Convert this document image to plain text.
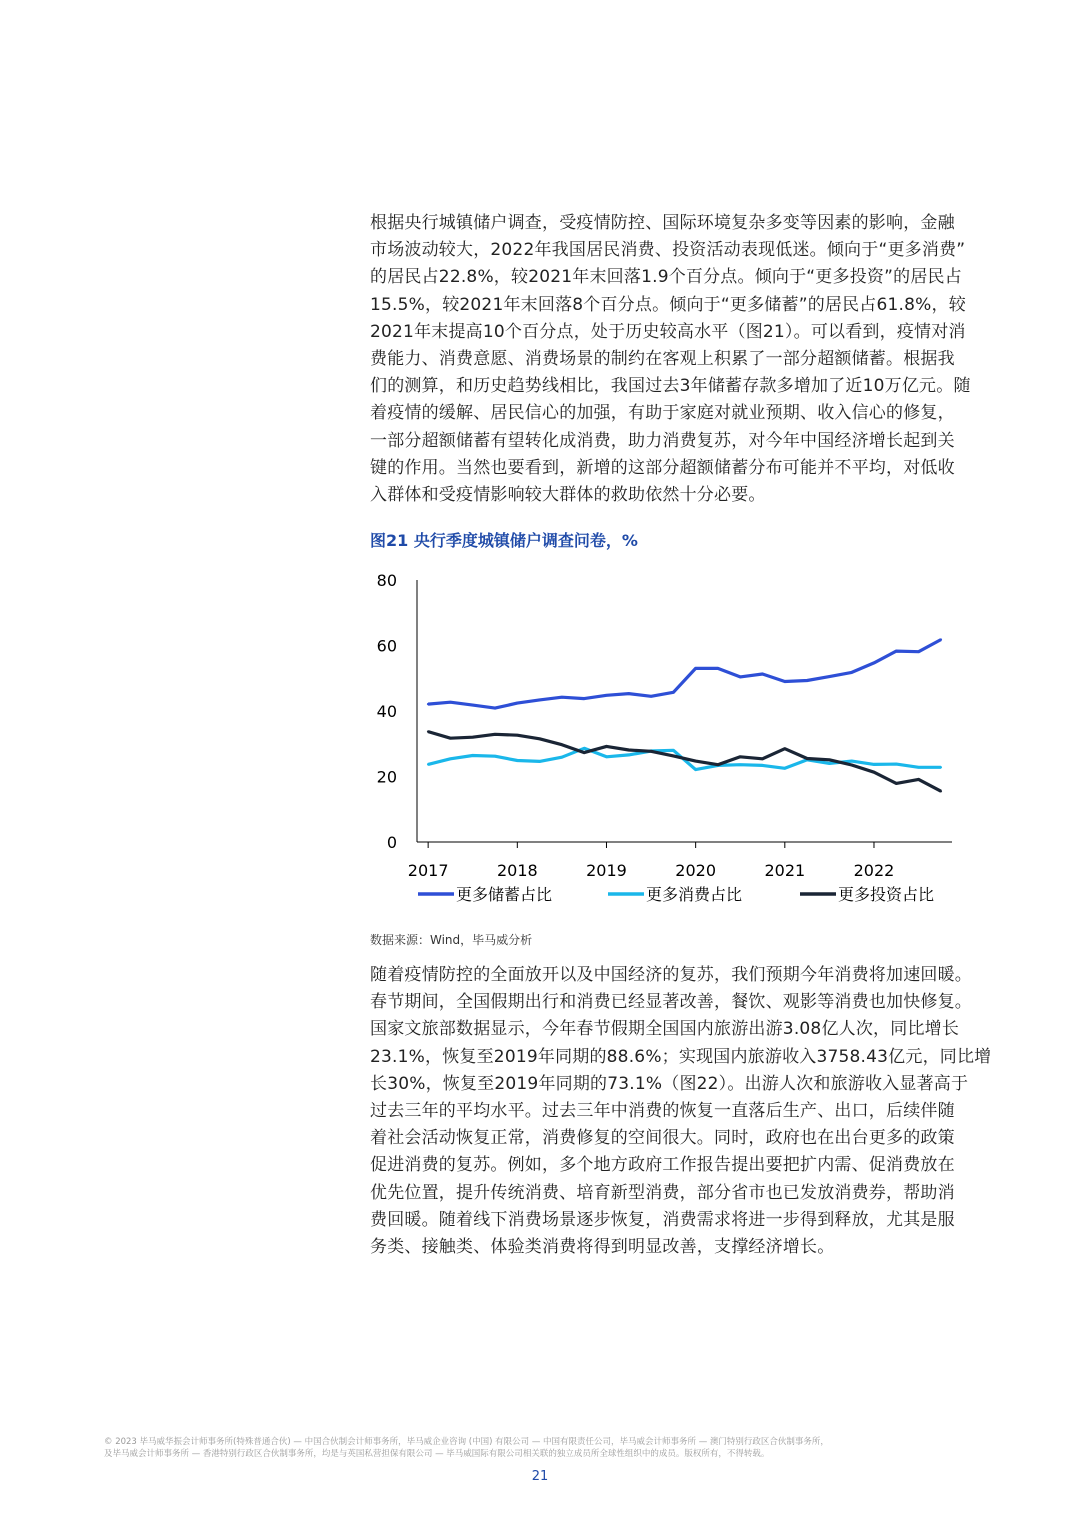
根据央行城镇储户调查，受疫情防控、国际环境复杂多变等因素的影响，金融
市场波动较大，2022年我国居民消费、投资活动表现低迷。倾向于“更多消费”
的居民占22.8%，较2021年末回落1.9个百分点。倾向于“更多投资”的居民占
15.5%，较2021年末回落8个百分点。倾向于“更多储蓄”的居民占61.8%，较
2021年末提高10个百分点，处于历史较高水平（图21）。可以看到，疫情对消
费能力、消费意愿、消费场景的制约在客观上积累了一部分超额储蓄。根据我
们的测算，和历史趋势线相比，我国过去3年储蓄存款多增加了近10万亿元。随
着疫情的缓解、居民信心的加强，有助于家庭对就业预期、收入信心的修复，
一部分超额储蓄有望转化成消费，助力消费复苏，对今年中国经济增长起到关
键的作用。当然也要看到，新增的这部分超额储蓄分布可能并不平均，对低收
入群体和受疫情影响较大群体的救助依然十分必要。
图21 央行季度城镇储户调查问卷，%
0
20
40
60
80
2017	2018	2019	2020	2021	2022
更多储蓄占比	更多消费占比	更多投资占比
数据来源：Wind，毕马威分析
随着疫情防控的全面放开以及中国经济的复苏，我们预期今年消费将加速回暖。
春节期间，全国假期出行和消费已经显著改善，餐饮、观影等消费也加快修复。
国家文旅部数据显示，今年春节假期全国国内旅游出游3.08亿人次，同比增长
23.1%，恢复至2019年同期的88.6%；实现国内旅游收入3758.43亿元，同比增
长30%，恢复至2019年同期的73.1%（图22）。出游人次和旅游收入显著高于
过去三年的平均水平。过去三年中消费的恢复一直落后生产、出口，后续伴随
着社会活动恢复正常，消费修复的空间很大。同时，政府也在出台更多的政策
促进消费的复苏。例如，多个地方政府工作报告提出要把扩内需、促消费放在
优先位置，提升传统消费、培育新型消费，部分省市也已发放消费券，帮助消
费回暖。随着线下消费场景逐步恢复，消费需求将进一步得到释放，尤其是服
务类、接触类、体验类消费将得到明显改善，支撑经济增长。
© 2023 毕马威华振会计师事务所(特殊普通合伙) — 中国合伙制会计师事务所，毕马威企业咨询 (中国) 有限公司 — 中国有限责任公司，毕马威会计师事务所 — 澳门特别行政区合伙制事务所，
及毕马威会计师事务所 — 香港特别行政区合伙制事务所，均是与英国私营担保有限公司 — 毕马威国际有限公司相关联的独立成员所全球性组织中的成员。版权所有，不得转载。
21
